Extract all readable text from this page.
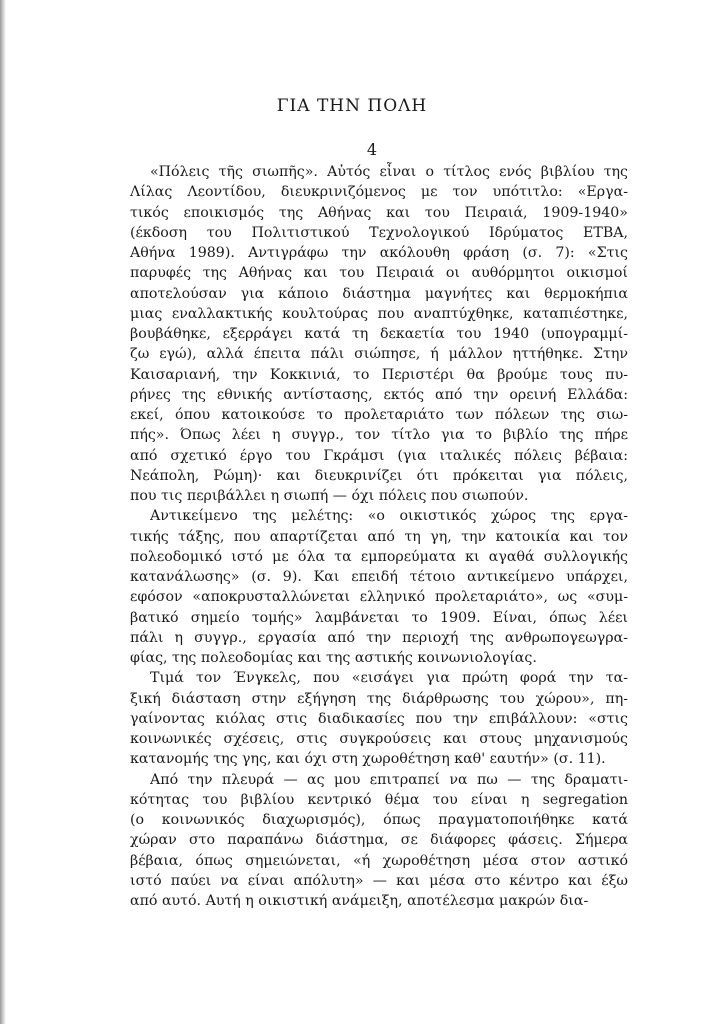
ΓΙΑ ΤΗΝ ΠΟΛΗ
4
«Πόλεις τῆς σιωπῆς». Αὐτός εἶναι ο τίτλος ενός βιβλίου της
Λίλας Λεοντίδου, διευκρινιζόμενος με τον υπότιτλο: «Εργα-
τικός εποικισμός της Αθήνας και του Πειραιά, 1909-1940»
(έκδοση του Πολιτιστικού Τεχνολογικού Ιδρύματος ΕΤΒΑ,
Αθήνα 1989). Αντιγράφω την ακόλουθη φράση (σ. 7): «Στις
παρυφές της Αθήνας και του Πειραιά οι αυθόρμητοι οικισμοί
αποτελούσαν για κάποιο διάστημα μαγνήτες και θερμοκήπια
μιας εναλλακτικής κουλτούρας που αναπτύχθηκε, καταπιέστηκε,
βουβάθηκε, εξερράγει κατά τη δεκαετία του 1940 (υπογραμμί-
ζω εγώ), αλλά έπειτα πάλι σιώπησε, ή μάλλον ηττήθηκε. Στην
Καισαριανή, την Κοκκινιά, το Περιστέρι θα βρούμε τους πυ-
ρήνες της εθνικής αντίστασης, εκτός από την ορεινή Ελλάδα:
εκεί, όπου κατοικούσε το προλεταριάτο των πόλεων της σιω-
πής». Όπως λέει η συγγρ., τον τίτλο για το βιβλίο της πήρε
από σχετικό έργο του Γκράμσι (για ιταλικές πόλεις βέβαια:
Νεάπολη, Ρώμη)· και διευκρινίζει ότι πρόκειται για πόλεις,
που τις περιβάλλει η σιωπή — όχι πόλεις που σιωπούν.
Αντικείμενο της μελέτης: «ο οικιστικός χώρος της εργα-
τικής τάξης, που απαρτίζεται από τη γη, την κατοικία και τον
πολεοδομικό ιστό με όλα τα εμπορεύματα κι αγαθά συλλογικής
κατανάλωσης» (σ. 9). Και επειδή τέτοιο αντικείμενο υπάρχει,
εφόσον «αποκρυσταλλώνεται ελληνικό προλεταριάτο», ως «συμ-
βατικό σημείο τομής» λαμβάνεται το 1909. Είναι, όπως λέει
πάλι η συγγρ., εργασία από την περιοχή της ανθρωπογεωγρα-
φίας, της πολεοδομίας και της αστικής κοινωνιολογίας.
Τιμά τον Ένγκελς, που «εισάγει για πρώτη φορά την τα-
ξική διάσταση στην εξήγηση της διάρθρωσης του χώρου», πη-
γαίνοντας κιόλας στις διαδικασίες που την επιβάλλουν: «στις
κοινωνικές σχέσεις, στις συγκρούσεις και στους μηχανισμούς
κατανομής της γης, και όχι στη χωροθέτηση καθ' εαυτήν» (σ. 11).
Από την πλευρά — ας μου επιτραπεί να πω — της δραματι-
κότητας του βιβλίου κεντρικό θέμα του είναι η segregation
(ο κοινωνικός διαχωρισμός), όπως πραγματοποιήθηκε κατά
χώραν στο παραπάνω διάστημα, σε διάφορες φάσεις. Σήμερα
βέβαια, όπως σημειώνεται, «ή χωροθέτηση μέσα στον αστικό
ιστό παύει να είναι απόλυτη» — και μέσα στο κέντρο και έξω
από αυτό. Αυτή η οικιστική ανάμειξη, αποτέλεσμα μακρών δια-
